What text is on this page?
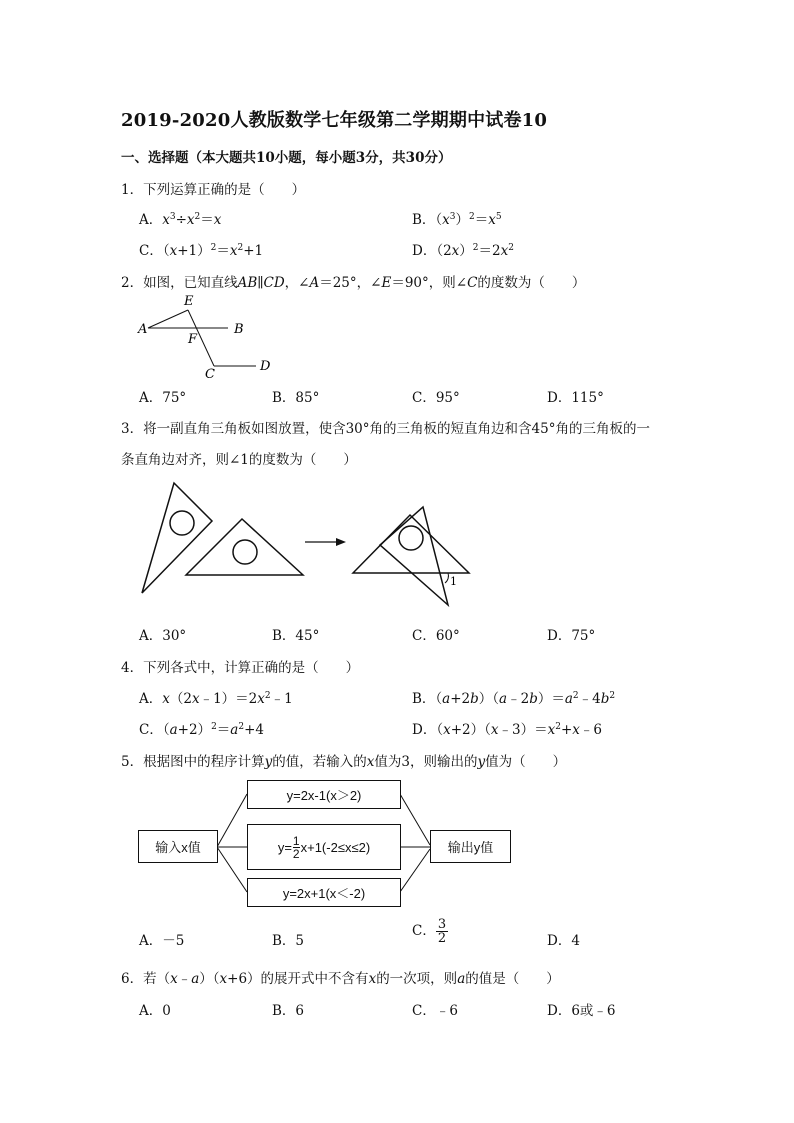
2019-2020人教版数学七年级第二学期期中试卷10
一、选择题（本大题共10小题，每小题3分，共30分）
1．下列运算正确的是（　　）
A．$x^3\div x^2=x$	B．$(x^3)^2=x^5$
C．$(x+1)^2=x^2+1$	D．$(2x)^2=2x^2$
2．如图，已知直线AB∥CD，∠A＝25°，∠E＝90°，则∠C的度数为（　　）
A	B
C
D
E
F
A．75°	B．85°	C．95°	D．115°
3．将一副直角三角板如图放置，使含30°角的三角板的短直角边和含45°角的三角板的一
条直角边对齐，则∠1的度数为（　　）
1
A．30°	B．45°	C．60°	D．75°
4．下列各式中，计算正确的是（　　）
A．$x(2x﹣1)=2x^2﹣1$	B．$(a+2b)(a﹣2b)=a^2﹣4b^2$
C．$(a+2)^2=a^2+4$	D．$(x+2)(x﹣3)=x^2+x﹣6$
5．根据图中的程序计算y的值，若输入的x值为3，则输出的y值为（　　）
输入x值
y=2x-1(x＞2)
$y= \frac{1}{2} x+1(-2\le x\le 2)$
y=2x+1(x＜-2)
输出y值
A．－5	B．5
C． $\frac{3}{2}$	D．4
6．若（x﹣a）（x+6）的展开式中不含有x的一次项，则a的值是（　　）
A．0	B．6	C．﹣6	D．6或﹣6
